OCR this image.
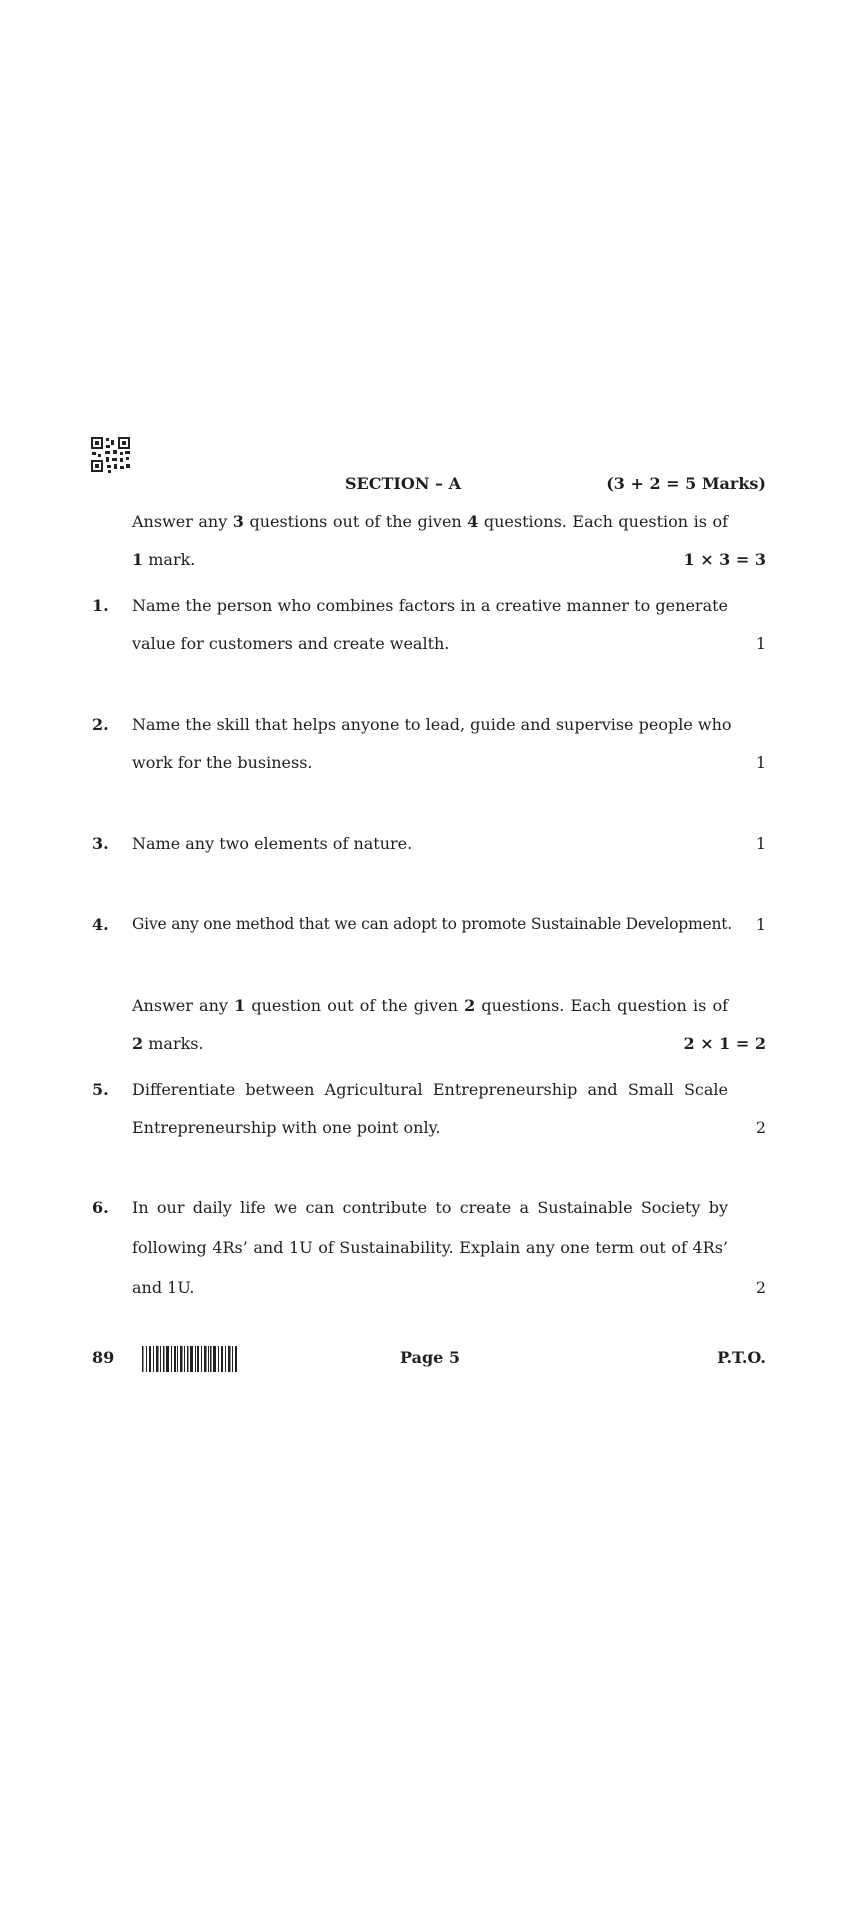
SECTION – A	(3 + 2 = 5 Marks)
Answer any 3 questions out of the given 4 questions. Each question is of
1 mark.	1 × 3 = 3
1. Name the person who combines factors in a creative manner to generate
value for customers and create wealth.	1
2. Name the skill that helps anyone to lead, guide and supervise people who
work for the business.	1
3. Name any two elements of nature.	1
4. Give any one method that we can adopt to promote Sustainable Development. 1
Answer any 1 question out of the given 2 questions. Each question is of
2 marks.	2 × 1 = 2
5. Differentiate between Agricultural Entrepreneurship and Small Scale
Entrepreneurship with one point only.	2
6. In our daily life we can contribute to create a Sustainable Society by
following 4Rs’ and 1U of Sustainability. Explain any one term out of 4Rs’
and 1U.	2
89	Page 5	P.T.O.
